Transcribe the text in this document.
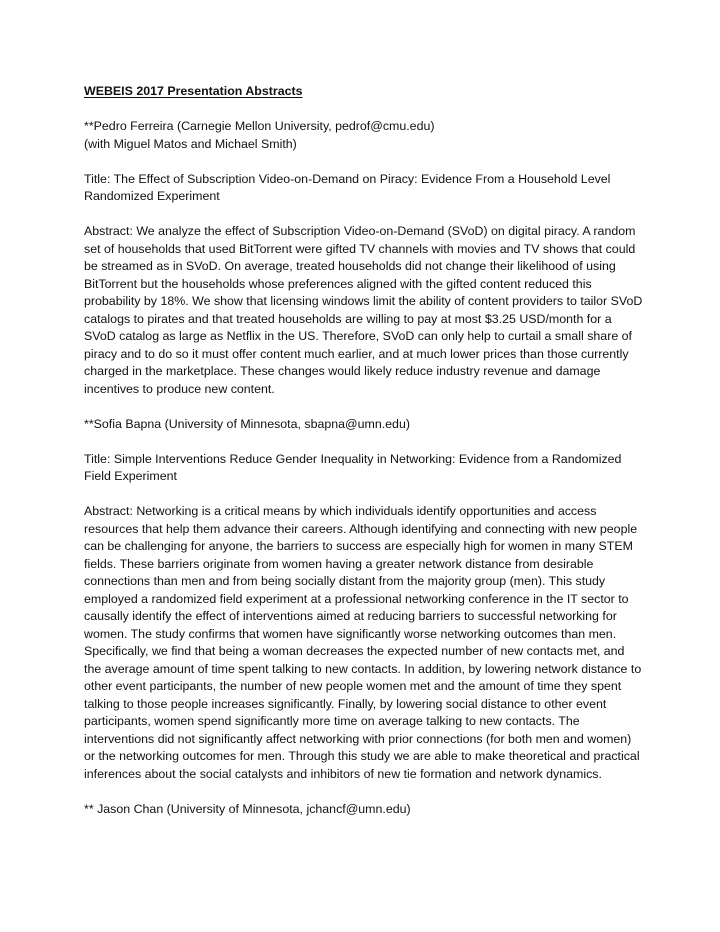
WEBEIS 2017 Presentation Abstracts

**Pedro Ferreira (Carnegie Mellon University, pedrof@cmu.edu)
(with Miguel Matos and Michael Smith)

Title: The Effect of Subscription Video-on-Demand on Piracy: Evidence From a Household Level Randomized Experiment

Abstract: We analyze the effect of Subscription Video-on-Demand (SVoD) on digital piracy. A random set of households that used BitTorrent were gifted TV channels with movies and TV shows that could be streamed as in SVoD. On average, treated households did not change their likelihood of using BitTorrent but the households whose preferences aligned with the gifted content reduced this probability by 18%. We show that licensing windows limit the ability of content providers to tailor SVoD catalogs to pirates and that treated households are willing to pay at most $3.25 USD/month for a SVoD catalog as large as Netflix in the US. Therefore, SVoD can only help to curtail a small share of piracy and to do so it must offer content much earlier, and at much lower prices than those currently charged in the marketplace. These changes would likely reduce industry revenue and damage incentives to produce new content.

**Sofia Bapna (University of Minnesota, sbapna@umn.edu)

Title: Simple Interventions Reduce Gender Inequality in Networking: Evidence from a Randomized Field Experiment

Abstract: Networking is a critical means by which individuals identify opportunities and access resources that help them advance their careers. Although identifying and connecting with new people can be challenging for anyone, the barriers to success are especially high for women in many STEM fields. These barriers originate from women having a greater network distance from desirable connections than men and from being socially distant from the majority group (men). This study employed a randomized field experiment at a professional networking conference in the IT sector to causally identify the effect of interventions aimed at reducing barriers to successful networking for women. The study confirms that women have significantly worse networking outcomes than men. Specifically, we find that being a woman decreases the expected number of new contacts met, and the average amount of time spent talking to new contacts. In addition, by lowering network distance to other event participants, the number of new people women met and the amount of time they spent talking to those people increases significantly. Finally, by lowering social distance to other event participants, women spend significantly more time on average talking to new contacts. The interventions did not significantly affect networking with prior connections (for both men and women) or the networking outcomes for men. Through this study we are able to make theoretical and practical inferences about the social catalysts and inhibitors of new tie formation and network dynamics.

** Jason Chan (University of Minnesota, jchancf@umn.edu)
